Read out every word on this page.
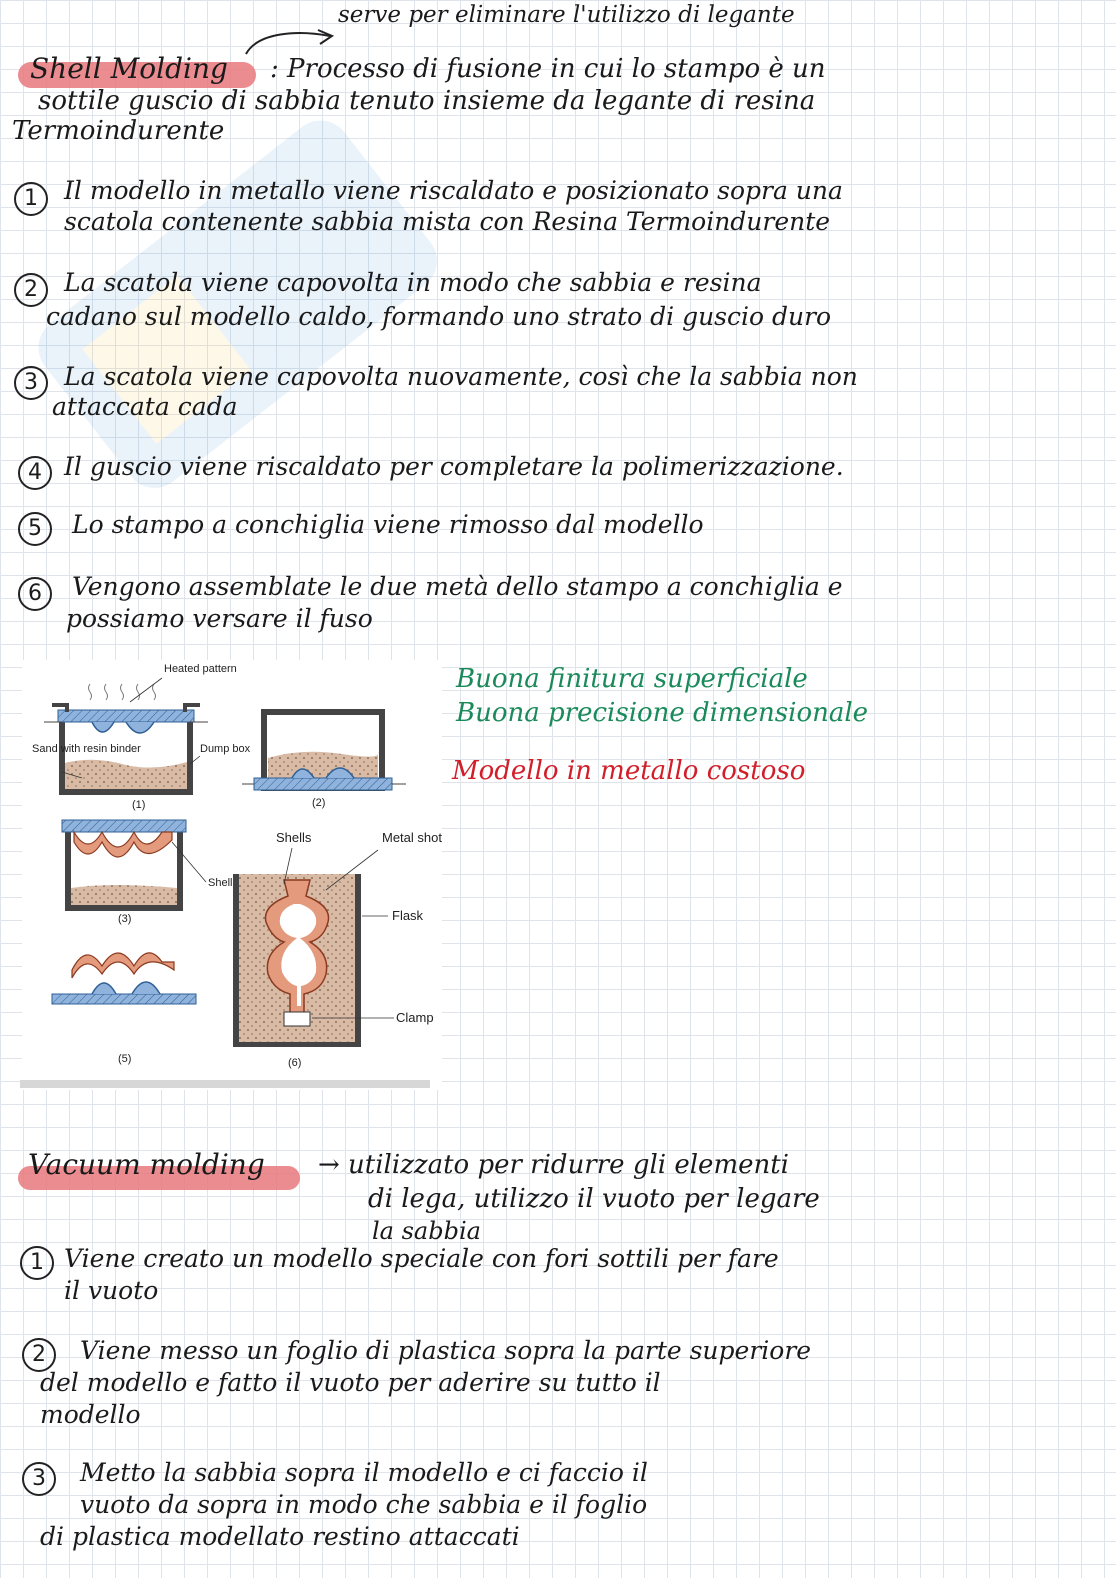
serve per eliminare l'utilizzo di legante
Shell Molding : Processo di fusione in cui lo stampo è un
sottile guscio di sabbia tenuto insieme da legante di resina
Termoindurente
1	Il modello in metallo viene riscaldato e posizionato sopra una
scatola contenente sabbia mista con Resina Termoindurente
2	La scatola viene capovolta in modo che sabbia e resina
cadano sul modello caldo, formando uno strato di guscio duro
3	La scatola viene capovolta nuovamente, così che la sabbia non
attaccata cada
4 Il guscio viene riscaldato per completare la polimerizzazione.
5	Lo stampo a conchiglia viene rimosso dal modello
6	Vengono assemblate le due metà dello stampo a conchiglia e
possiamo versare il fuso
Heated pattern
Sand with resin binder	Dump box
(1)	(2)
Shell
(3)
(5)
Shells	Metal shot
Flask
Clamp
(6)
Buona finitura superficiale
Buona precisione dimensionale
Modello in metallo costoso
Vacuum molding → utilizzato per ridurre gli elementi
di lega, utilizzo il vuoto per legare
la sabbia
1 Viene creato un modello speciale con fori sottili per fare
il vuoto
2	Viene messo un foglio di plastica sopra la parte superiore
del modello e fatto il vuoto per aderire su tutto il
modello
3	Metto la sabbia sopra il modello e ci faccio il
vuoto da sopra in modo che sabbia e il foglio
di plastica modellato restino attaccati
